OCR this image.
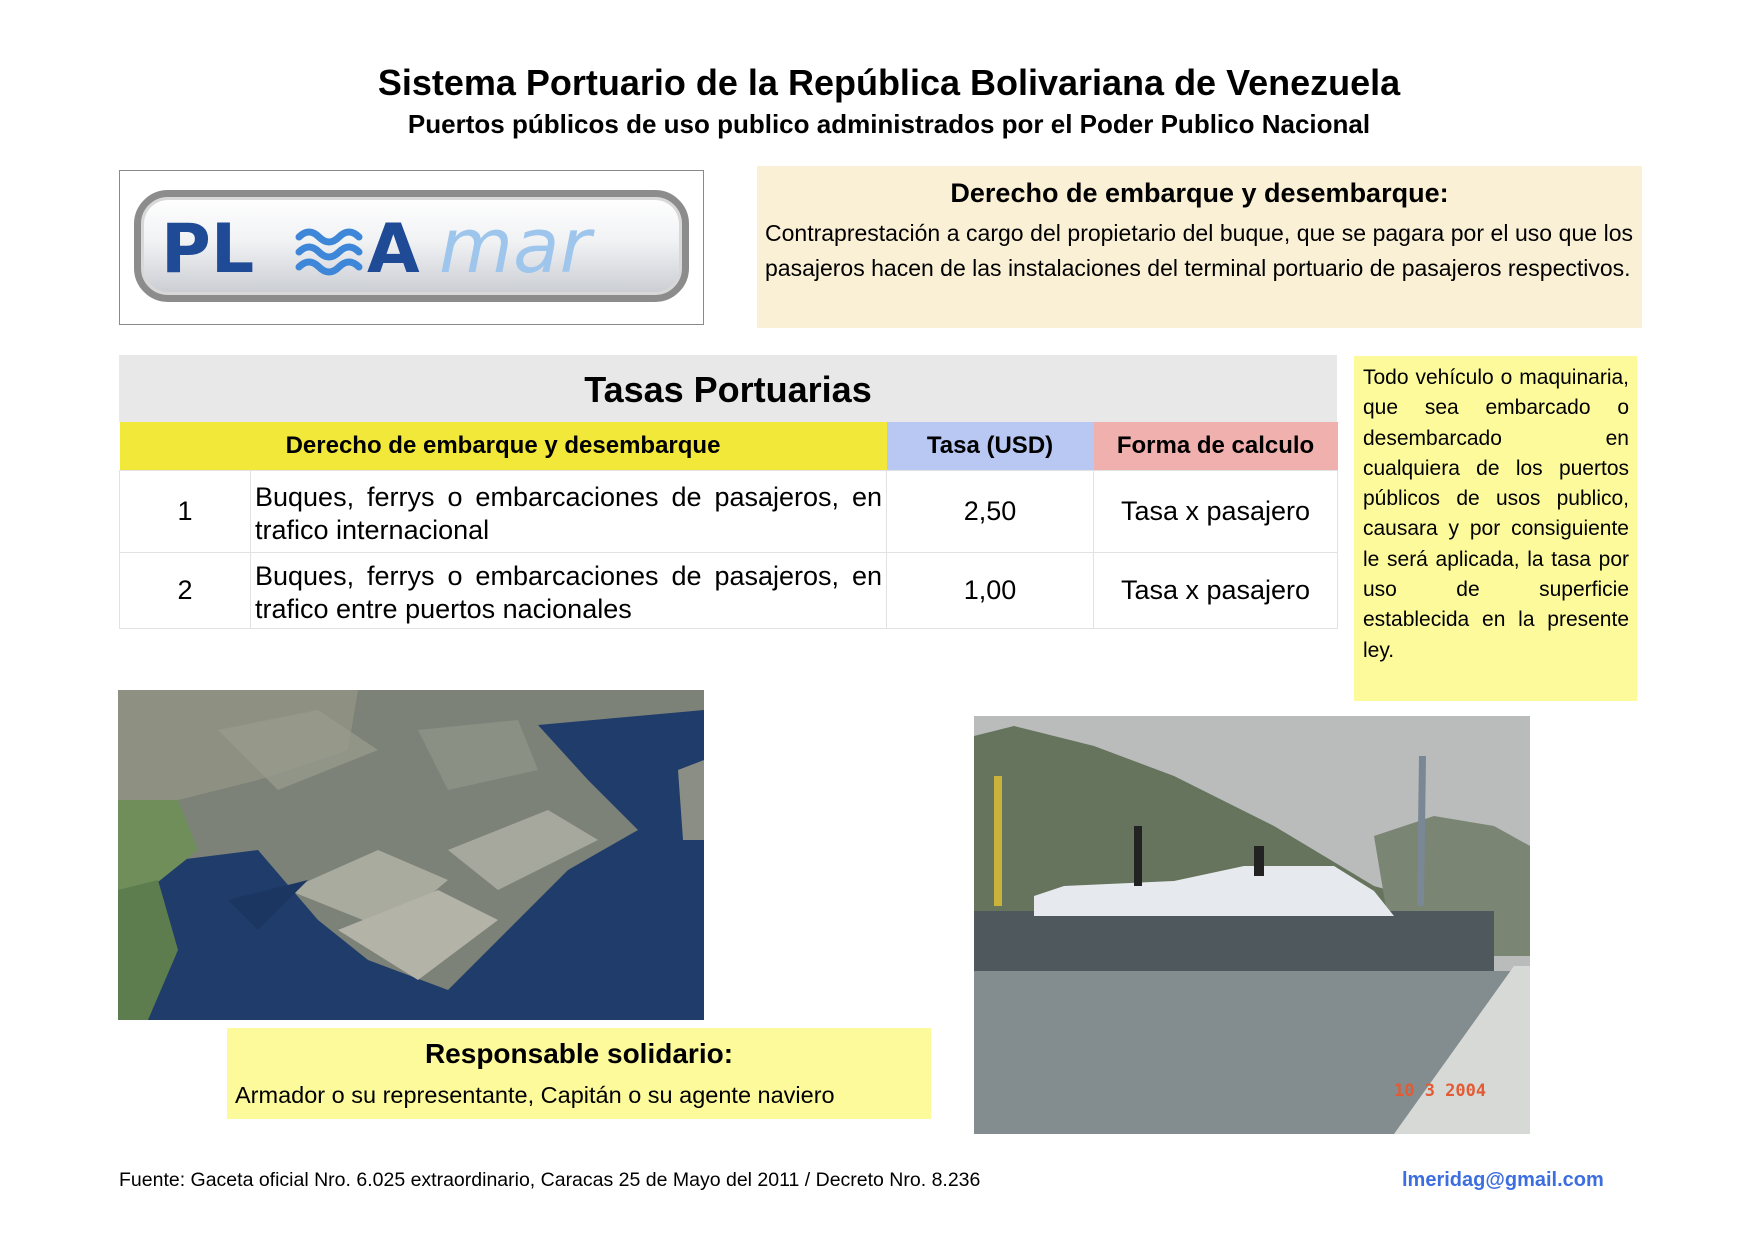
Sistema Portuario de la República Bolivariana de Venezuela
Puertos públicos de uso publico administrados por el Poder Publico Nacional
PL A mar
Derecho de embarque y desembarque:
Contraprestación a cargo del propietario del buque, que se pagara por el uso que los pasajeros hacen de las instalaciones del terminal portuario de pasajeros respectivos.
Tasas Portuarias
Derecho de embarque y desembarque		Tasa (USD)	Forma de calculo
1	Buques, ferrys o embarcaciones de pasajeros, en trafico internacional	2,50	Tasa x pasajero
2	Buques, ferrys o embarcaciones de pasajeros, en trafico entre puertos nacionales	1,00	Tasa x pasajero
Todo vehículo o maquinaria, que sea embarcado o desembarcado en cualquiera de los puertos públicos de usos publico, causara y por consiguiente le será aplicada, la tasa por uso de superficie establecida en la presente ley.
10 3 2004
Responsable solidario:
Armador o su representante, Capitán o su agente naviero
Fuente: Gaceta oficial Nro. 6.025 extraordinario, Caracas 25 de Mayo del 2011 / Decreto Nro. 8.236	lmeridag@gmail.com
